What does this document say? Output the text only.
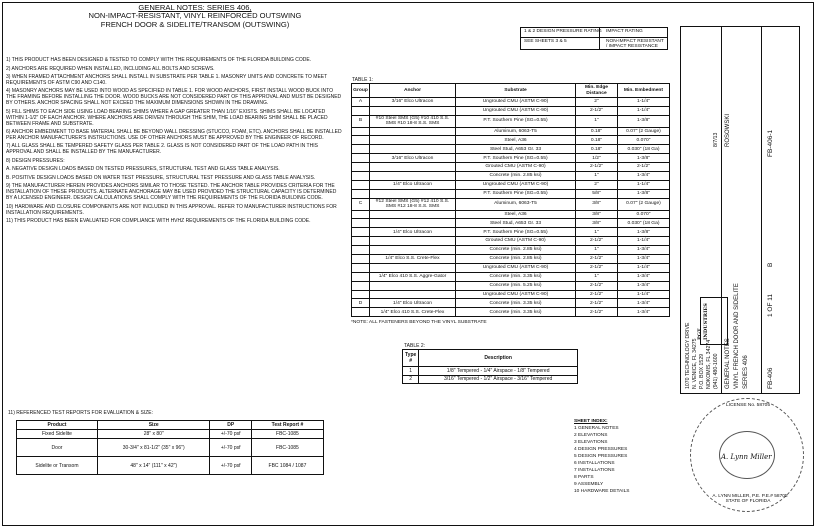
GENERAL NOTES: SERIES 406,
NON-IMPACT-RESISTANT, VINYL REINFORCED OUTSWING
FRENCH DOOR & SIDELITE/TRANSOM (OUTSWING)

1) THIS PRODUCT HAS BEEN DESIGNED & TESTED TO COMPLY WITH THE REQUIREMENTS OF THE FLORIDA BUILDING CODE.

2) ANCHORS ARE REQUIRED WHEN INSTALLED, INCLUDING ALL BOLTS AND SCREWS.

3) WHEN FRAMED ATTACHMENT ANCHORS SHALL INSTALL IN SUBSTRATE PER TABLE 1. MASONRY UNITS AND CONCRETE TO MEET REQUIREMENTS OF ASTM C90 AND C140.

4) MASONRY ANCHORS MAY BE USED INTO WOOD AS SPECIFIED IN TABLE 1. FOR WOOD ANCHORS, FIRST INSTALL WOOD BUCK INTO THE FRAMING BEFORE INSTALLING THE DOOR. WOOD BUCKS ARE NOT CONSIDERED PART OF THIS APPROVAL AND MUST BE DESIGNED BY OTHERS. ANCHOR SPACING SHALL NOT EXCEED THE MAXIMUM DIMENSIONS SHOWN IN THE DRAWING.

5) FILL SHIMS TO EACH SIDE USING LOAD BEARING SHIMS WHERE A GAP GREATER THAN 1/16" EXISTS. SHIMS SHALL BE LOCATED WITHIN 1-1/2" OF EACH ANCHOR. WHERE ANCHORS ARE DRIVEN THROUGH THE SHIM, THE LOAD BEARING SHIM SHALL BE PLACED BETWEEN FRAME AND SUBSTRATE.

6) ANCHOR EMBEDMENT TO BASE MATERIAL SHALL BE BEYOND WALL DRESSING (STUCCO, FOAM, ETC). ANCHORS SHALL BE INSTALLED PER ANCHOR MANUFACTURER'S INSTRUCTIONS. USE OF OTHER ANCHORS MUST BE APPROVED BY THE ENGINEER OF RECORD.

7) ALL GLASS SHALL BE TEMPERED SAFETY GLASS PER TABLE 2. GLASS IS NOT CONSIDERED PART OF THE LOAD PATH IN THIS APPROVAL AND SHALL BE INSTALLED BY THE MANUFACTURER.

8) DESIGN PRESSURES:

A. NEGATIVE DESIGN LOADS BASED ON TESTED PRESSURES, STRUCTURAL TEST AND GLASS TABLE ANALYSIS.

B. POSITIVE DESIGN LOADS BASED ON WATER TEST PRESSURE, STRUCTURAL TEST PRESSURE AND GLASS TABLE ANALYSIS.

9) THE MANUFACTURER HEREIN PROVIDES ANCHORS SIMILAR TO THOSE TESTED. THE ANCHOR TABLE PROVIDES CRITERIA FOR THE INSTALLATION OF THESE PRODUCTS. ALTERNATE ANCHORAGE MAY BE USED PROVIDED THE STRUCTURAL CAPACITY IS DETERMINED BY A LICENSED ENGINEER. DESIGN CALCULATIONS SHALL COMPLY WITH THE REQUIREMENTS OF THE FLORIDA BUILDING CODE.

10) HARDWARE AND CLOSURE COMPONENTS ARE NOT INCLUDED IN THIS APPROVAL. REFER TO MANUFACTURER INSTRUCTIONS FOR INSTALLATION REQUIREMENTS.

11) THIS PRODUCT HAS BEEN EVALUATED FOR COMPLIANCE WITH HVHZ REQUIREMENTS OF THE FLORIDA BUILDING CODE.

11) REFERENCED TEST REPORTS FOR EVALUATION & SIZE:
Product	Size	DP	Test Report #
Fixed Sidelite	28" x 80"	+/-70 psf	FBC-1085
Door	30-3/4" x 81-1/2" (35" x 96")	+/-70 psf	FBC-1085
Sidelite or Transom	48" x 14" (111" x 42")	+/-70 psf	FBC 1084 / 1087
1 & 2 DESIGN PRESSURE RATING IMPACT RATING
SEE SHEETS 3 & 5	NON-IMPACT RESISTANT / IMPACT RESISTANCE
TABLE 1:
Group	Anchor	Substrate	Min. Edge Distance	Min. Embedment
A	3/16" Elco Ultracon	Ungrouted CMU (ASTM C-90)	2"	1-1/4"
		Ungrouted CMU (ASTM C-90)	2-1/2"	1-1/4"
B	#10 Steel SMS (G5) #10 410 S.S. SMS #10 18-8 S.S. SMS	P.T. Southern Pine (SG=0.55)	1"	1-3/8"
		Aluminum, 6063-T5	0.18"	0.07" (2 Gauge)
		Steel, A36	0.18"	0.070"
		Steel Stud, A653 Gr. 33	0.18"	0.030" (18 Ga)
	3/16" Elco Ultracon	P.T. Southern Pine (SG=0.55)	1/2"	1-3/8"
		Grouted CMU (ASTM C-90)	2-1/2"	2-1/2"
		Concrete (min. 2.85 ksi)	1"	1-3/4"
	1/4" Elco Ultracon	Ungrouted CMU (ASTM C-90)	2"	1-1/4"
		P.T. Southern Pine (SG=0.55)	5/8"	1-3/8"
C	#12 Steel SMS (G5) #12 410 S.S. SMS #12 18-8 S.S. SMS	Aluminum, 6063-T5	3/8"	0.07" (2 Gauge)
		Steel, A36	3/8"	0.070"
		Steel Stud, A653 Gr. 33	3/8"	0.030" (18 Ga)
	1/4" Elco Ultracon	P.T. Southern Pine (SG=0.55)	1"	1-3/8"
		Grouted CMU (ASTM C-90)	2-1/2"	1-1/4"
		Concrete (min. 2.85 ksi)	1"	1-3/4"
	1/4" Elco S.S. Crete-Flex	Concrete (min. 2.85 ksi)	2-1/2"	1-3/4"
		Ungrouted CMU (ASTM C-90)	2-1/2"	1-1/4"
	1/4" Elco 410 S.S. Aggre-Gator	Concrete (min. 3.35 ksi)	1"	1-3/4"
		Concrete (min. 5.25 ksi)	2-1/2"	1-3/4"
		Ungrouted CMU (ASTM C-90)	2-1/2"	1-1/4"
D	1/4" Elco Ultracon	Concrete (min. 3.35 ksi)	2-1/2"	1-3/4"
	1/4" Elco 410 S.S. Crete-Flex	Concrete (min. 3.35 ksi)	2-1/2"	1-3/4"
*NOTE: ALL FASTENERS BEYOND THE VINYL SUBSTRATE
TABLE 2:
Type #	Description
1	1/8" Tempered - 1/4" Airspace - 1/8" Tempered
2	3/16" Tempered - 1/2" Airspace - 3/16" Tempered
SHEET INDEX:
1 GENERAL NOTES
2 ELEVATIONS
3 ELEVATIONS
4 DESIGN PRESSURES
5 DESIGN PRESSURES
6 INSTALLATIONS
7 INSTALLATIONS
8 PARTS
9 ASSEMBLY
10 HARDWARE DETAILS
1070 TECHNOLOGY DRIVE N. VENICE, FL 34275 P.O. BOX 1529 NOKOMIS, FL 34274 (941) 480-1600
8/7/13
GENERAL NOTES VINYL FRENCH DOOR AND SIDELITE SERIES 406
ROSOWSKI
FB-406
1 OF 11
B
FB-406-1
PGT INDUSTRIES
LICENSE No. 58705
A. Lynn Miller
STATE OF FLORIDA
A. LYNN MILLER, P.E. P.E.# 58705
